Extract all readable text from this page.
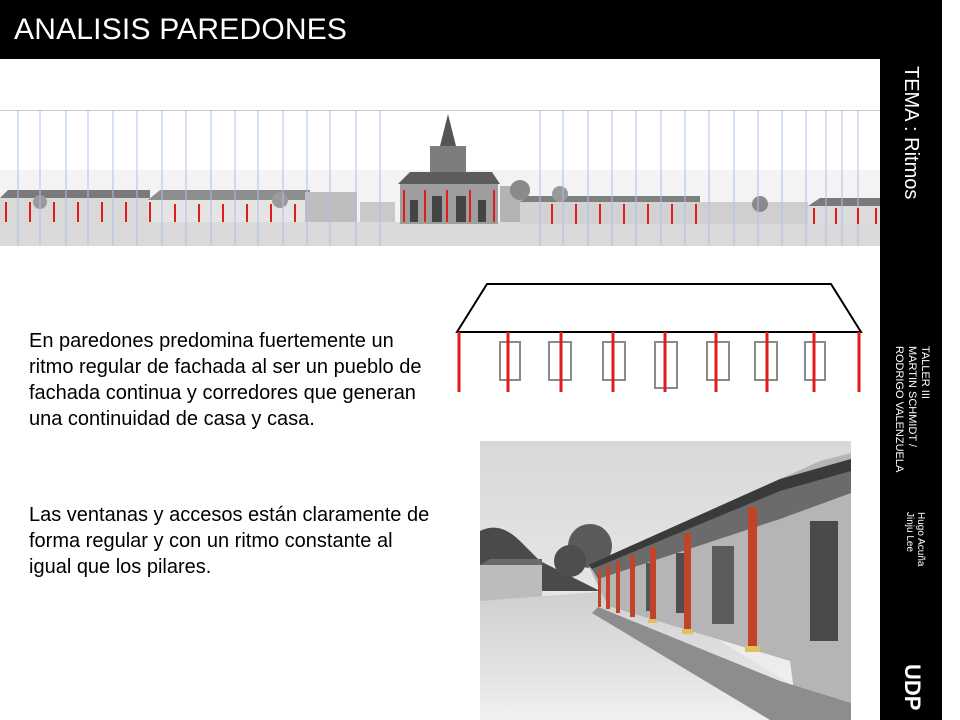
ANALISIS PAREDONES
TEMA : Ritmos
TALLER III
MARTIN SCHMIDT /
RODRIGO VALENZUELA
Hugo Acuña
Jinju Lee
UDP
En paredones predomina fuertemente un ritmo regular de fachada al ser un pueblo de fachada continua y corredores que generan una continuidad de casa y casa.
Las ventanas y accesos están claramente de forma regular y con un ritmo constante al igual que los pilares.
